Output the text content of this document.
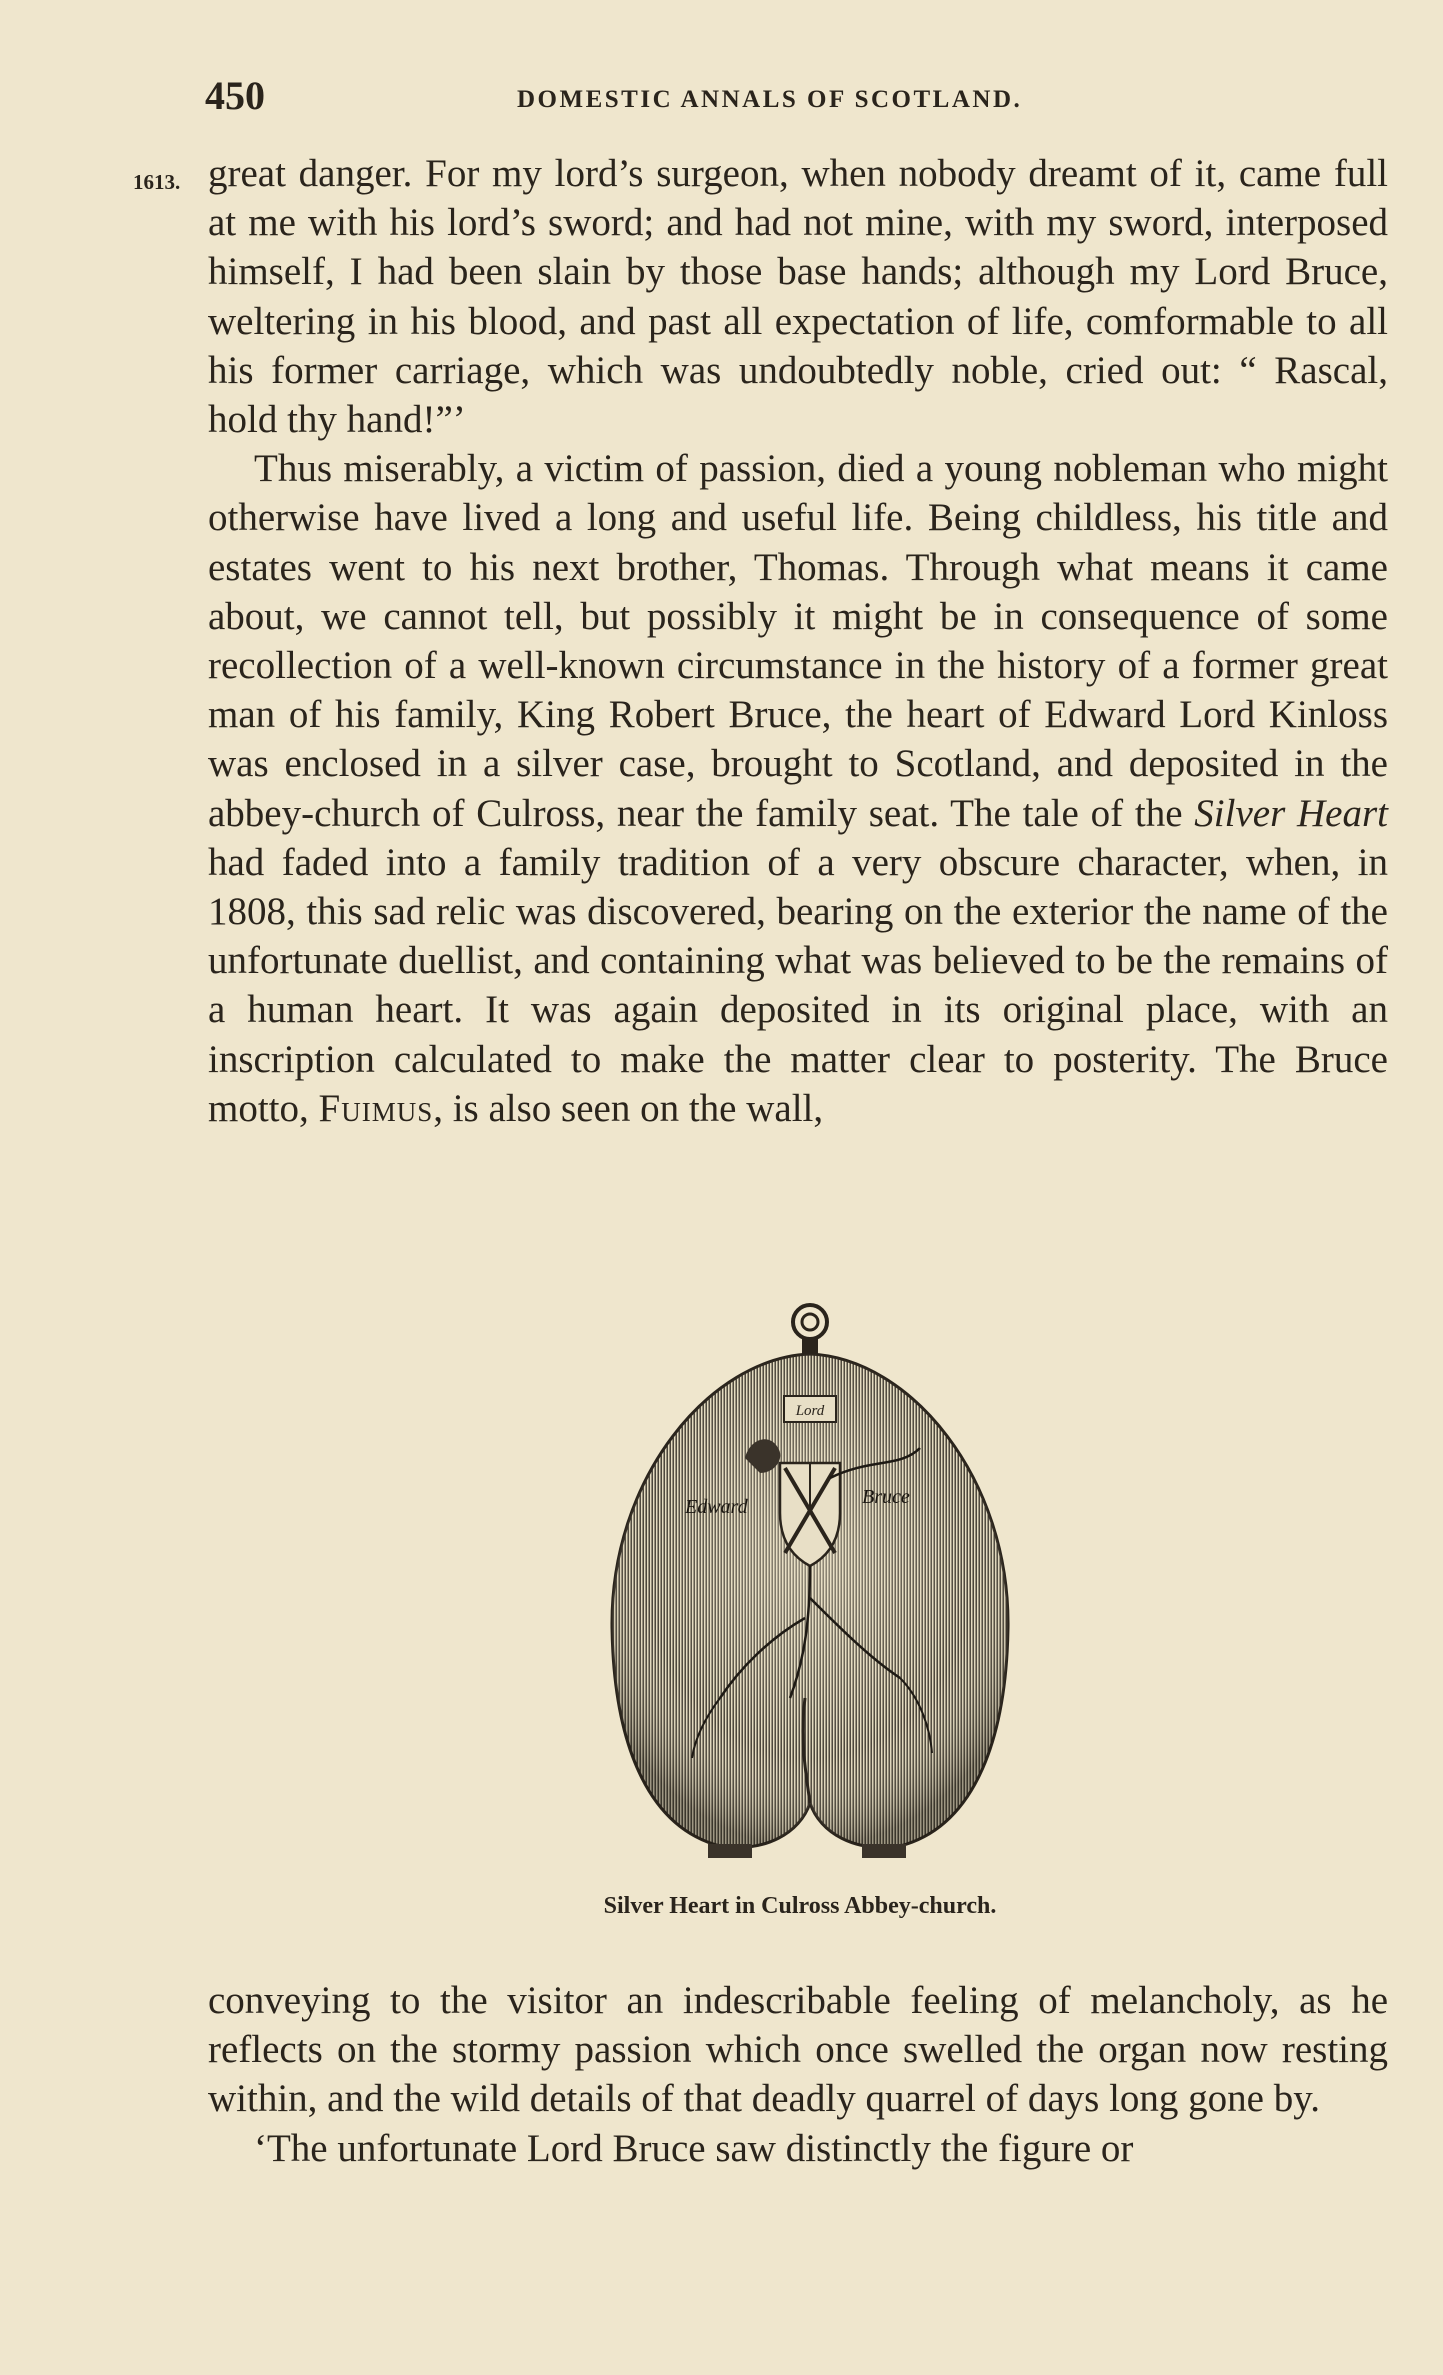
450	DOMESTIC ANNALS OF SCOTLAND.
1613. great danger. For my lord’s surgeon, when nobody dreamt of it, came full at me with his lord’s sword; and had not mine, with my sword, interposed himself, I had been slain by those base hands; although my Lord Bruce, weltering in his blood, and past all expectation of life, comformable to all his former carriage, which was undoubtedly noble, cried out: “ Rascal, hold thy hand!”’

Thus miserably, a victim of passion, died a young nobleman who might otherwise have lived a long and useful life. Being childless, his title and estates went to his next brother, Thomas. Through what means it came about, we cannot tell, but possibly it might be in consequence of some recollection of a well-known circumstance in the history of a former great man of his family, King Robert Bruce, the heart of Edward Lord Kinloss was enclosed in a silver case, brought to Scotland, and deposited in the abbey-church of Culross, near the family seat. The tale of the Silver Heart had faded into a family tradition of a very obscure character, when, in 1808, this sad relic was discovered, bearing on the exterior the name of the unfortunate duellist, and containing what was believed to be the remains of a human heart. It was again deposited in its original place, with an inscription calculated to make the matter clear to posterity. The Bruce motto, Fuimus, is also seen on the wall,

Lord
Edward	Bruce
Silver Heart in Culross Abbey-church.

conveying to the visitor an indescribable feeling of melancholy, as he reflects on the stormy passion which once swelled the organ now resting within, and the wild details of that deadly quarrel of days long gone by.

‘The unfortunate Lord Bruce saw distinctly the figure or
